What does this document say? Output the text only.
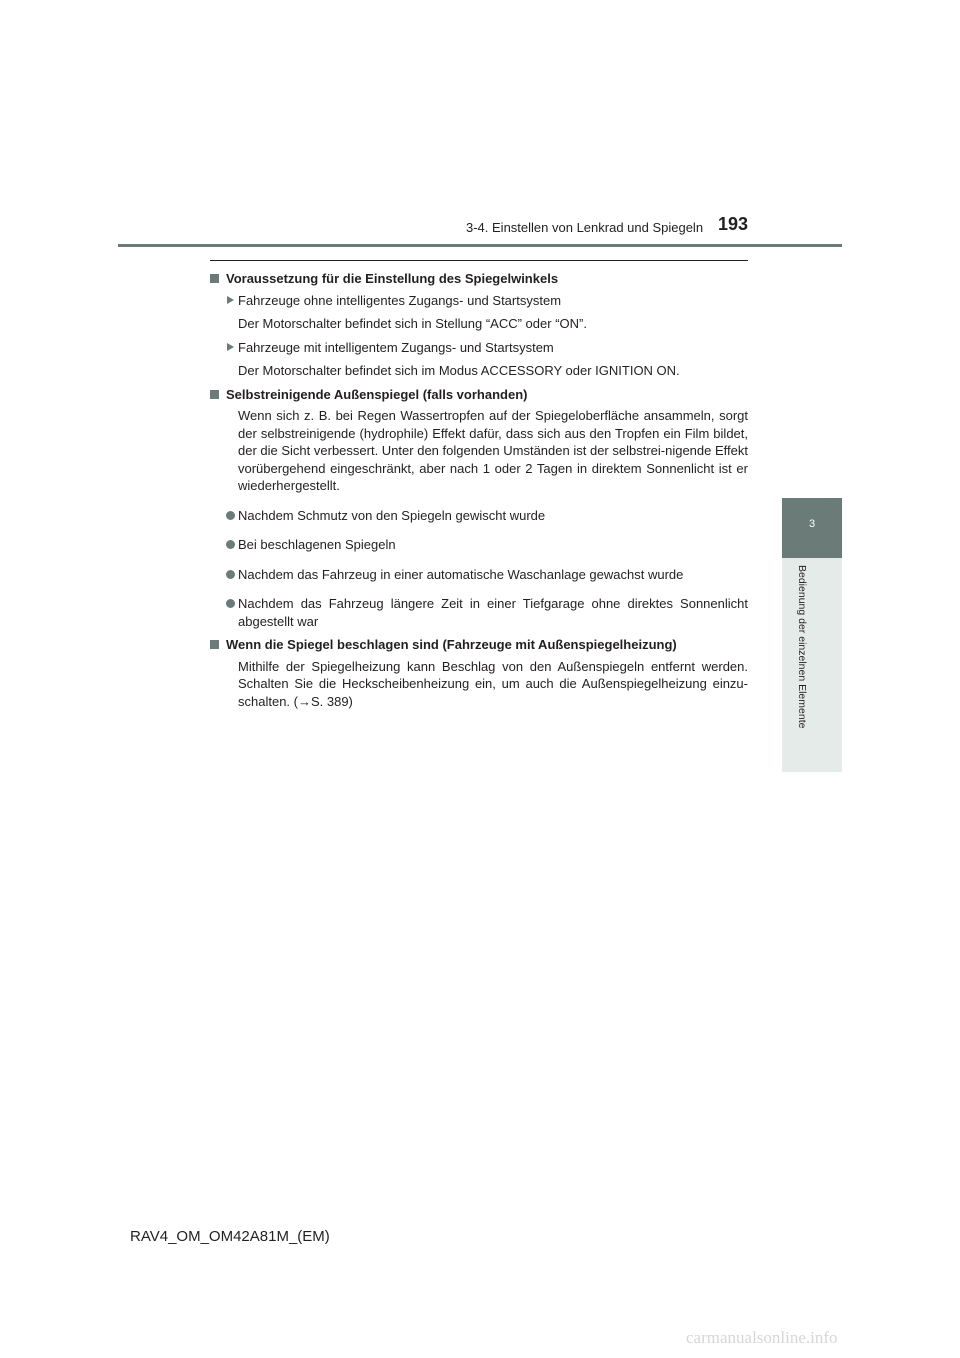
3-4. Einstellen von Lenkrad und Spiegeln 193
3
Bedienung der einzelnen Elemente
Voraussetzung für die Einstellung des Spiegelwinkels
Fahrzeuge ohne intelligentes Zugangs- und Startsystem
Der Motorschalter befindet sich in Stellung “ACC” oder “ON”.
Fahrzeuge mit intelligentem Zugangs- und Startsystem
Der Motorschalter befindet sich im Modus ACCESSORY oder IGNITION ON.
Selbstreinigende Außenspiegel (falls vorhanden)
Wenn sich z. B. bei Regen Wassertropfen auf der Spiegeloberfläche ansammeln, sorgt der selbstreinigende (hydrophile) Effekt dafür, dass sich aus den Tropfen ein Film bildet, der die Sicht verbessert. Unter den folgenden Umständen ist der selbstrei-nigende Effekt vorübergehend eingeschränkt, aber nach 1 oder 2 Tagen in direktem Sonnenlicht ist er wiederhergestellt.
Nachdem Schmutz von den Spiegeln gewischt wurde
Bei beschlagenen Spiegeln
Nachdem das Fahrzeug in einer automatische Waschanlage gewachst wurde
Nachdem das Fahrzeug längere Zeit in einer Tiefgarage ohne direktes Sonnenlicht abgestellt war
Wenn die Spiegel beschlagen sind (Fahrzeuge mit Außenspiegelheizung)
Mithilfe der Spiegelheizung kann Beschlag von den Außenspiegeln entfernt werden. Schalten Sie die Heckscheibenheizung ein, um auch die Außenspiegelheizung einzu-schalten. (→S. 389)
RAV4_OM_OM42A81M_(EM)
carmanualsonline.info
